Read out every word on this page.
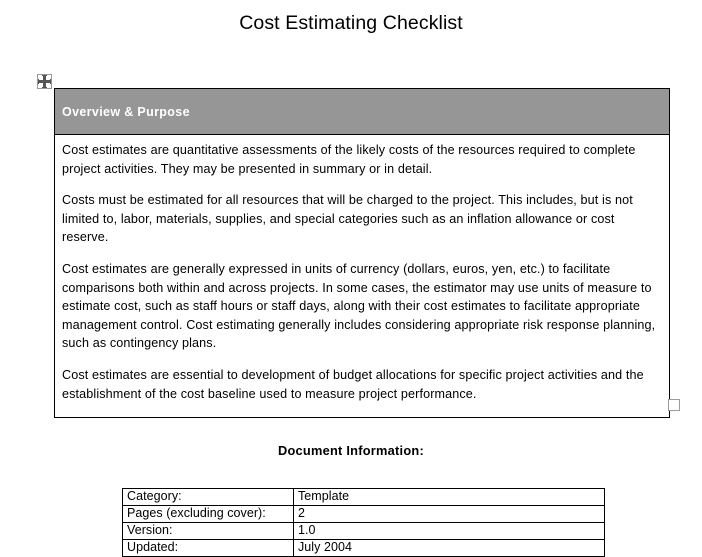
Cost Estimating Checklist
Overview & Purpose

Cost estimates are quantitative assessments of the likely costs of the resources required to complete project activities. They may be presented in summary or in detail.

Costs must be estimated for all resources that will be charged to the project. This includes, but is not limited to, labor, materials, supplies, and special categories such as an inflation allowance or cost reserve.

Cost estimates are generally expressed in units of currency (dollars, euros, yen, etc.) to facilitate comparisons both within and across projects. In some cases, the estimator may use units of measure to estimate cost, such as staff hours or staff days, along with their cost estimates to facilitate appropriate management control. Cost estimating generally includes considering appropriate risk response planning, such as contingency plans.

Cost estimates are essential to development of budget allocations for specific project activities and the establishment of the cost baseline used to measure project performance.

Document Information:
Category:	Template
Pages (excluding cover):	2
Version:	1.0
Updated:	July 2004
